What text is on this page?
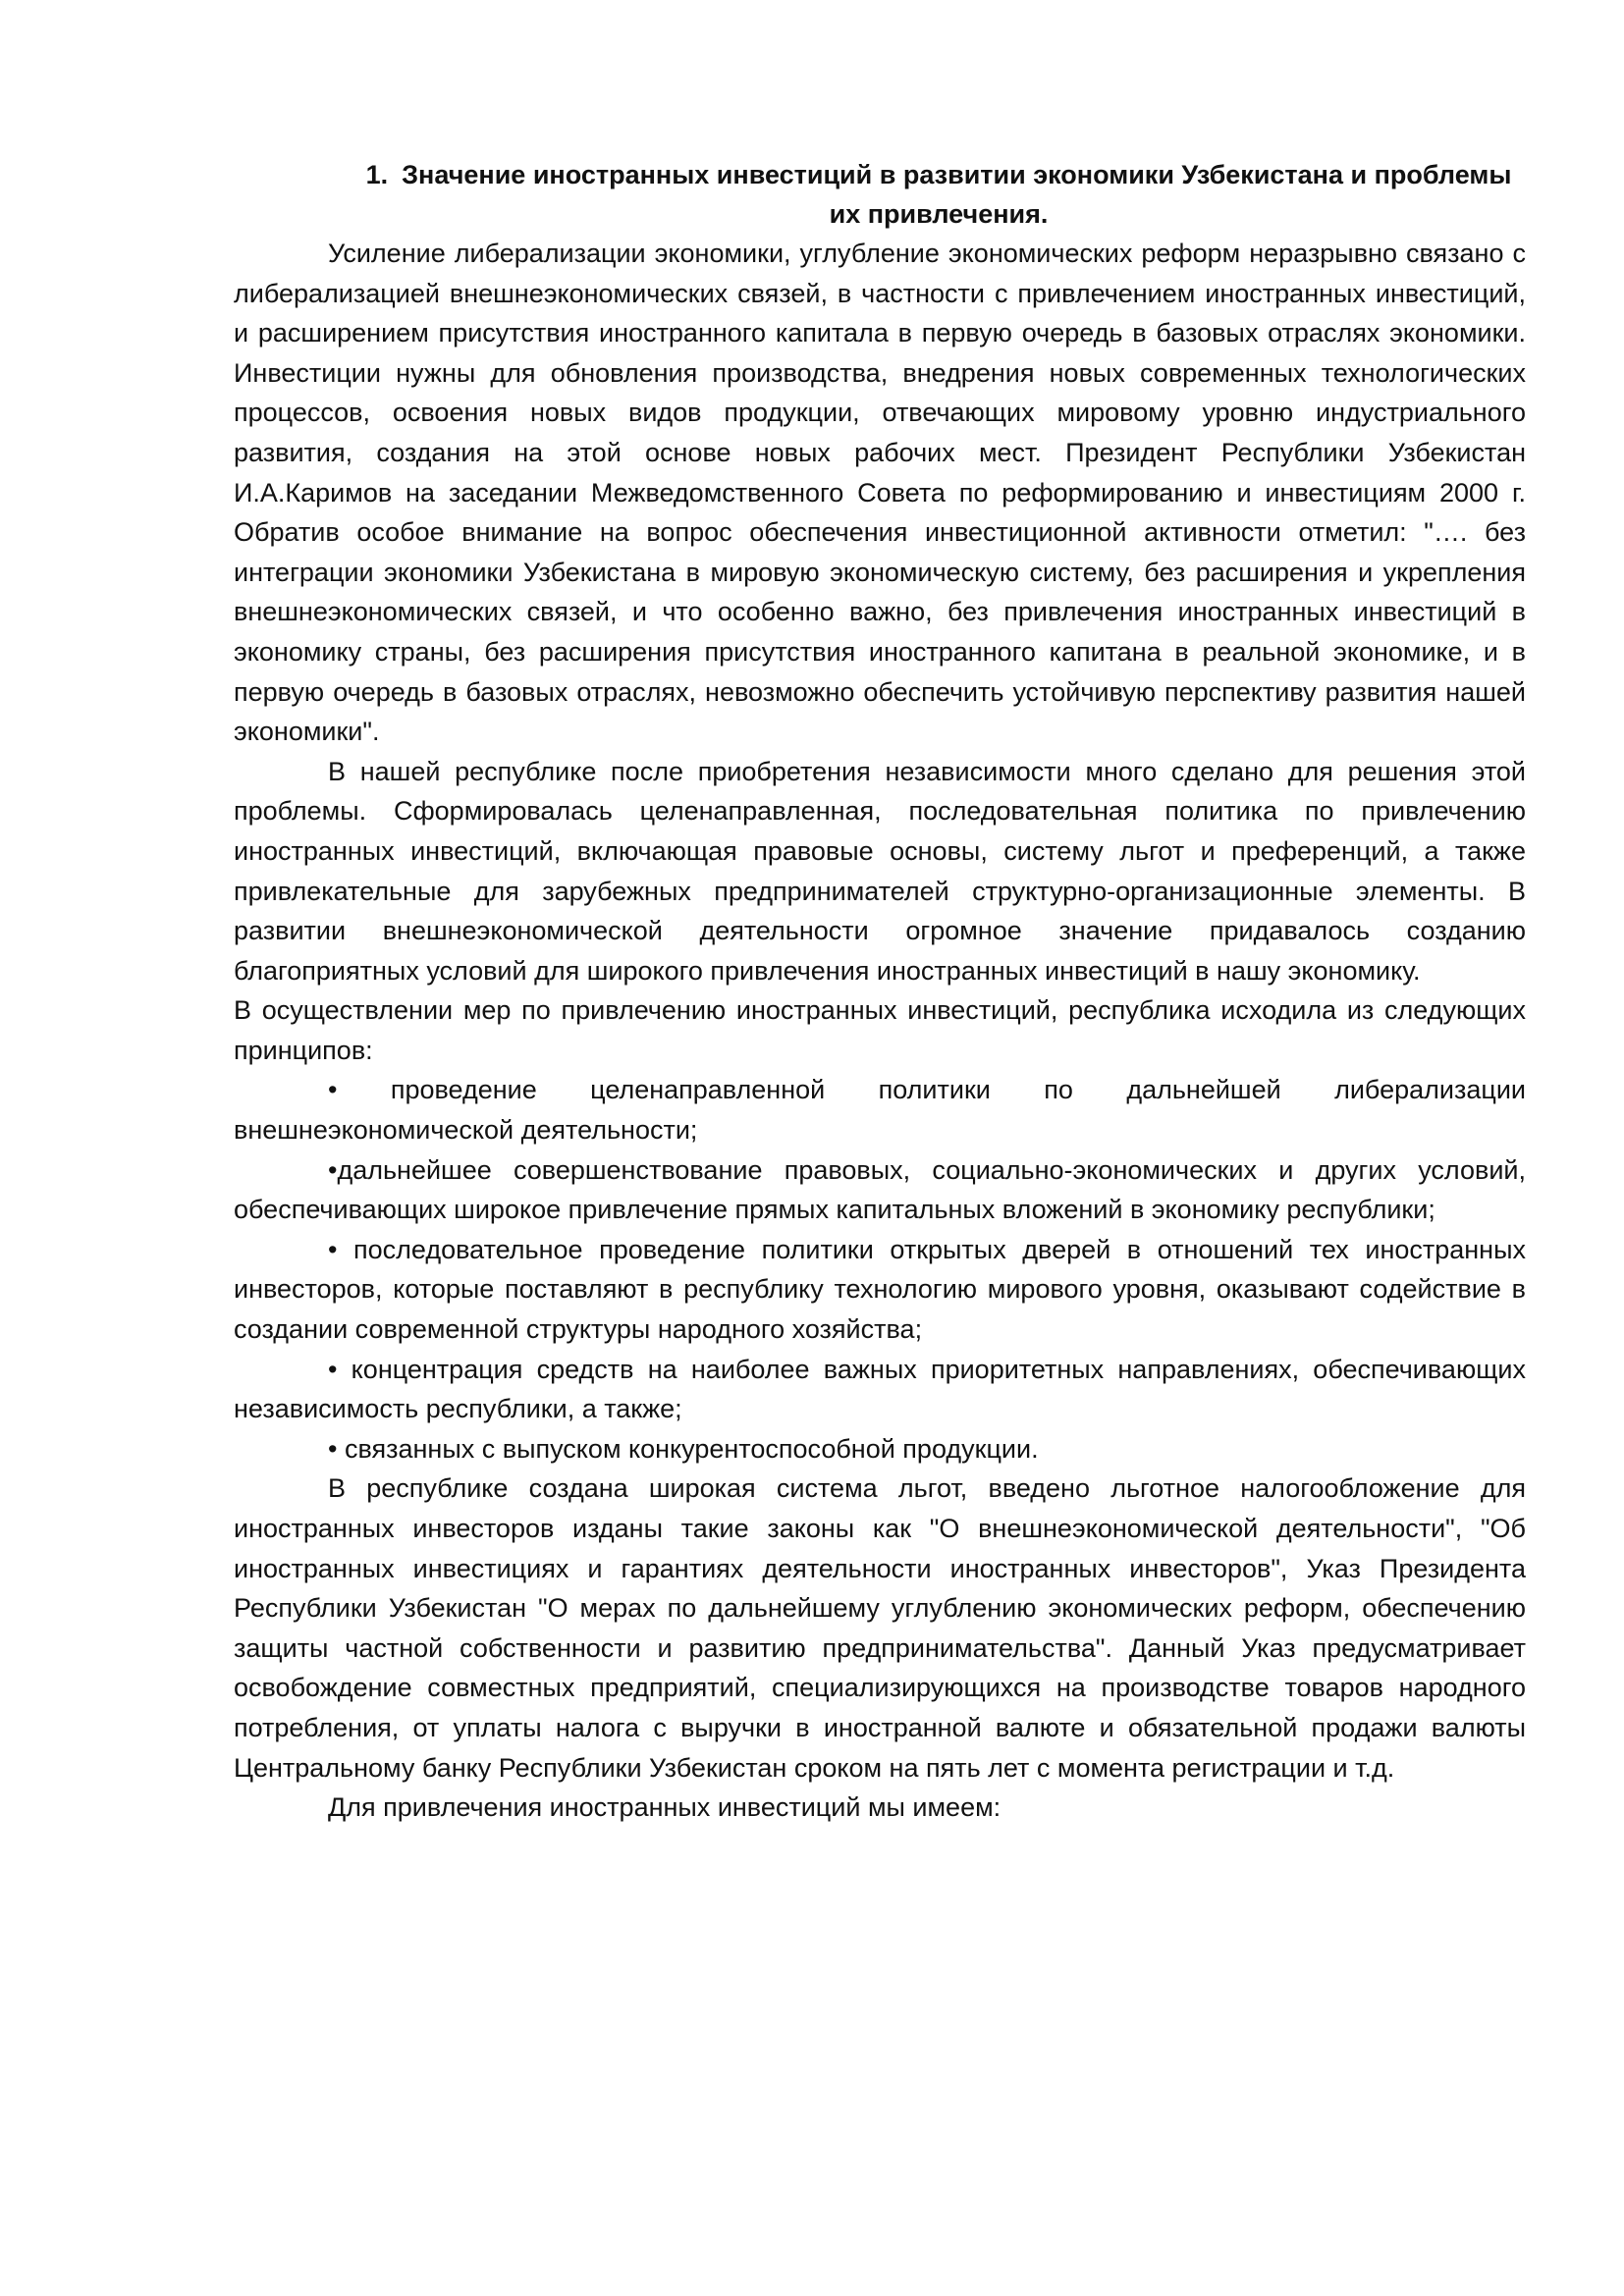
1. Значение иностранных инвестиций в развитии экономики Узбекистана и проблемы их привлечения.

Усиление либерализации экономики, углубление экономических реформ неразрывно связано с либерализацией внешнеэкономических связей, в частности с привлечением иностранных инвестиций, и расширением присутствия иностранного капитала в первую очередь в базовых отраслях экономики. Инвестиции нужны для обновления производства, внедрения новых современных технологических процессов, освоения новых видов продукции, отвечающих мировому уровню индустриального развития, создания на этой основе новых рабочих мест. Президент Республики Узбекистан И.А.Каримов на заседании Межведомственного Совета по реформированию и инвестициям 2000 г. Обратив особое внимание на вопрос обеспечения инвестиционной активности отметил: "…. без интеграции экономики Узбекистана в мировую экономическую систему, без расширения и укрепления внешнеэкономических связей, и что особенно важно, без привлечения иностранных инвестиций в экономику страны, без расширения присутствия иностранного капитана в реальной экономике, и в первую очередь в базовых отраслях, невозможно обеспечить устойчивую перспективу развития нашей экономики".

В нашей республике после приобретения независимости много сделано для решения этой проблемы. Сформировалась целенаправленная, последовательная политика по привлечению иностранных инвестиций, включающая правовые основы, систему льгот и преференций, а также привлекательные для зарубежных предпринимателей структурно-организационные элементы. В развитии внешнеэкономической деятельности огромное значение придавалось созданию благоприятных условий для широкого привлечения иностранных инвестиций в нашу экономику.

В осуществлении мер по привлечению иностранных инвестиций, республика исходила из следующих принципов:

• проведение целенаправленной политики по дальнейшей либерализации внешнеэкономической деятельности;

•дальнейшее совершенствование правовых, социально-экономических и других условий, обеспечивающих широкое привлечение прямых капитальных вложений в экономику республики;

• последовательное проведение политики открытых дверей в отношений тех иностранных инвесторов, которые поставляют в республику технологию мирового уровня, оказывают содействие в создании современной структуры народного хозяйства;

• концентрация средств на наиболее важных приоритетных направлениях, обеспечивающих независимость республики, а также;

• связанных с выпуском конкурентоспособной продукции.

В республике создана широкая система льгот, введено льготное налогообложение для иностранных инвесторов изданы такие законы как "О внешнеэкономической деятельности", "Об иностранных инвестициях и гарантиях деятельности иностранных инвесторов", Указ Президента Республики Узбекистан "О мерах по дальнейшему углублению экономических реформ, обеспечению защиты частной собственности и развитию предпринимательства". Данный Указ предусматривает освобождение совместных предприятий, специализирующихся на производстве товаров народного потребления, от уплаты налога с выручки в иностранной валюте и обязательной продажи валюты Центральному банку Республики Узбекистан сроком на пять лет с момента регистрации и т.д.

Для привлечения иностранных инвестиций мы имеем:
